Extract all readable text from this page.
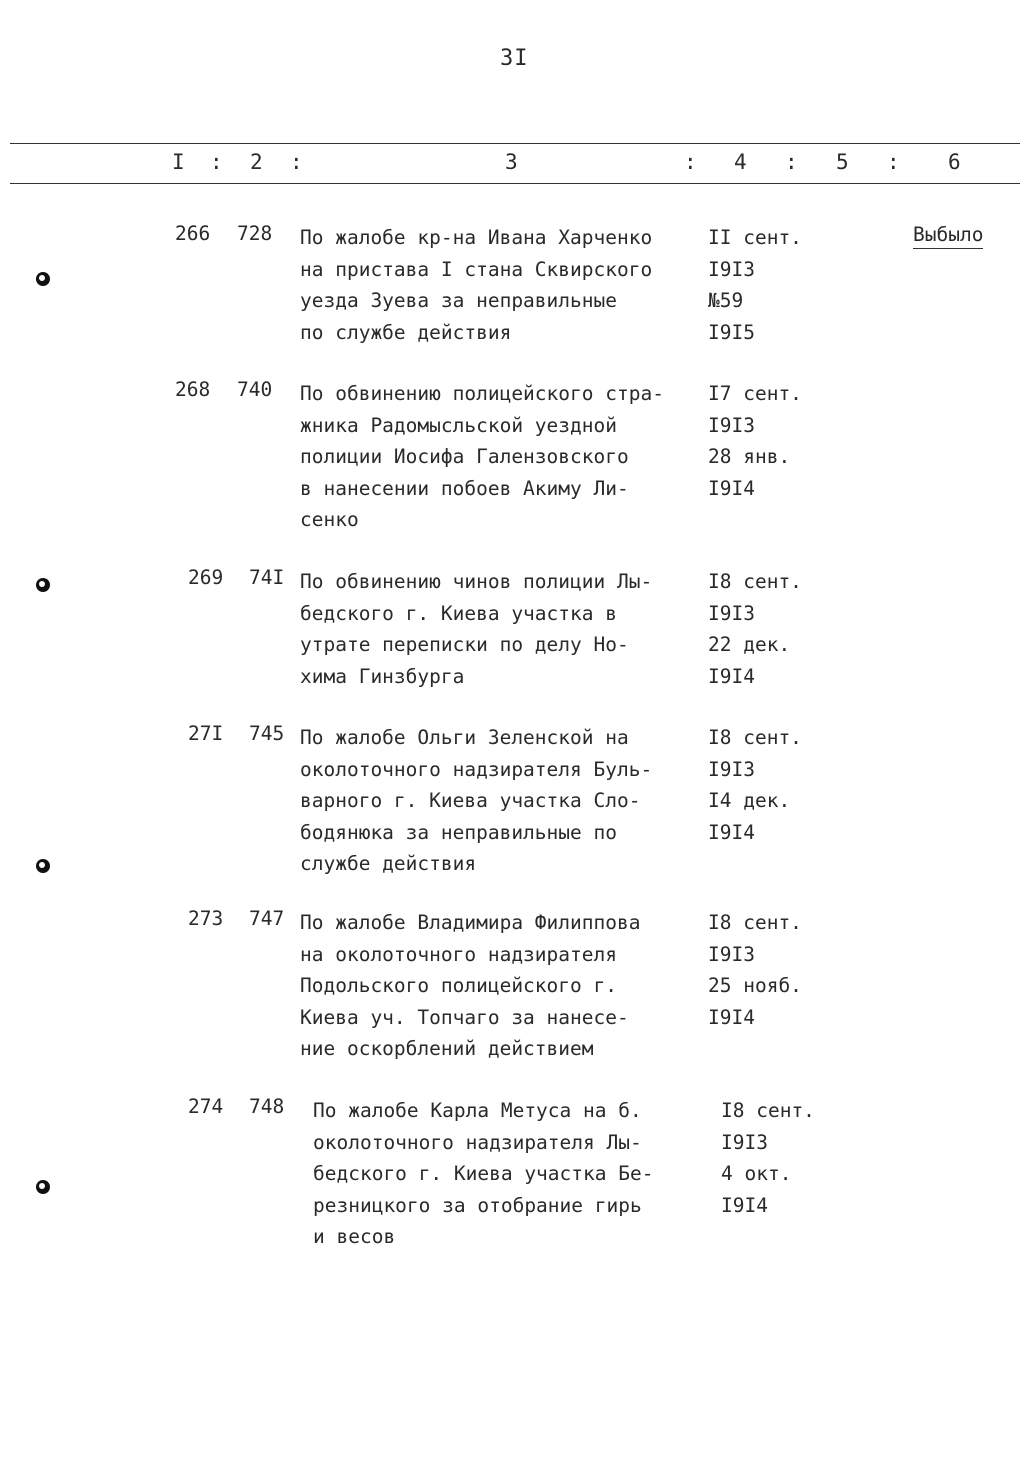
3I
I : 2 :	3	: 4 : 5 : 6
266 728 По жалобе кр-на Ивана Харченко
на пристава I стана Сквирского
уезда Зуева за неправильные
по службе действия
II сент.
I9I3
№59
I9I5
Выбыло
268 740 По обвинению полицейского стра-
жника Радомысльской уездной
полиции Иосифа Галензовского
в нанесении побоев Акиму Ли-
сенко
I7 сент.
I9I3
28 янв.
I9I4
269 74I По обвинению чинов полиции Лы-
бедского г. Киева участка в
утрате переписки по делу Но-
хима Гинзбурга
I8 сент.
I9I3
22 дек.
I9I4
27I 745 По жалобе Ольги Зеленской на
околоточного надзирателя Буль-
варного г. Киева участка Сло-
бодянюка за неправильные по
службе действия
I8 сент.
I9I3
I4 дек.
I9I4
273 747 По жалобе Владимира Филиппова
на околоточного надзирателя
Подольского полицейского г.
Киева уч. Топчаго за нанесе-
ние оскорблений действием
I8 сент.
I9I3
25 нояб.
I9I4
274 748 По жалобе Карла Метуса на б.
околоточного надзирателя Лы-
бедского г. Киева участка Бе-
резницкого за отобрание гирь
и весов
I8 сент.
I9I3
4 окт.
I9I4
